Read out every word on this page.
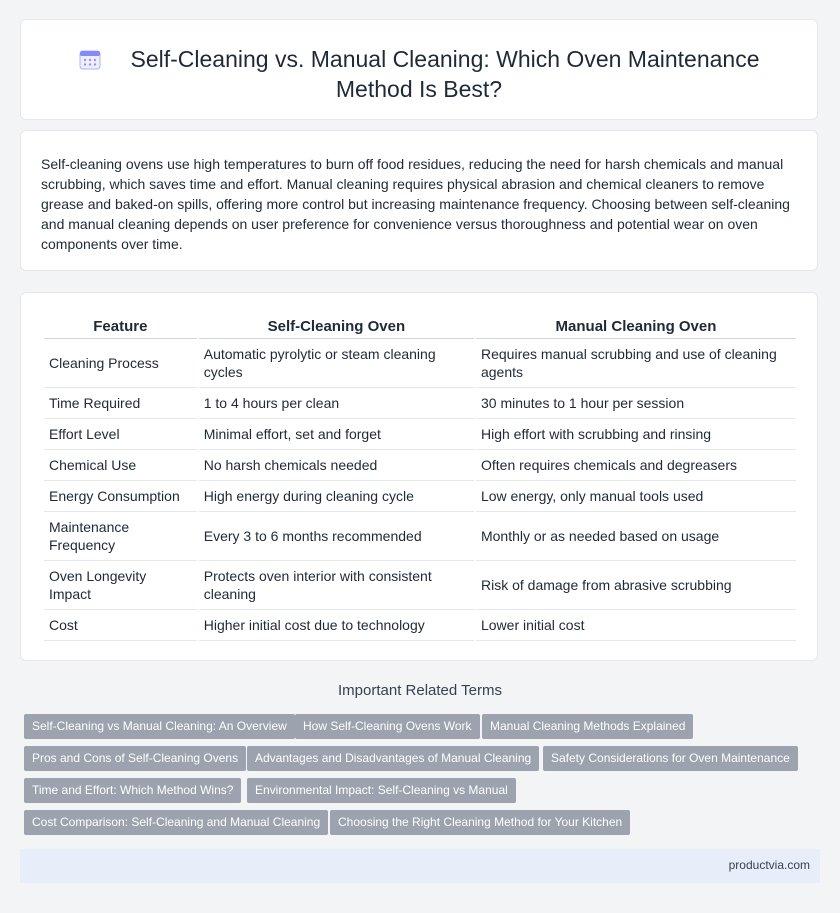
Self-Cleaning vs. Manual Cleaning: Which Oven Maintenance
Method Is Best?
Self-cleaning ovens use high temperatures to burn off food residues, reducing the need for harsh chemicals and manual scrubbing, which saves time and effort. Manual cleaning requires physical abrasion and chemical cleaners to remove grease and baked-on spills, offering more control but increasing maintenance frequency. Choosing between self-cleaning and manual cleaning depends on user preference for convenience versus thoroughness and potential wear on oven components over time.
Feature	Self-Cleaning Oven	Manual Cleaning Oven
Cleaning Process	Automatic pyrolytic or steam cleaning cycles	Requires manual scrubbing and use of cleaning agents
Time Required	1 to 4 hours per clean	30 minutes to 1 hour per session
Effort Level	Minimal effort, set and forget	High effort with scrubbing and rinsing
Chemical Use	No harsh chemicals needed	Often requires chemicals and degreasers
Energy Consumption	High energy during cleaning cycle	Low energy, only manual tools used
Maintenance Frequency	Every 3 to 6 months recommended	Monthly or as needed based on usage
Oven Longevity Impact	Protects oven interior with consistent cleaning	Risk of damage from abrasive scrubbing
Cost	Higher initial cost due to technology	Lower initial cost
Important Related Terms
Self-Cleaning vs Manual Cleaning: An Overview	How Self-Cleaning Ovens Work	Manual Cleaning Methods Explained
Pros and Cons of Self-Cleaning Ovens	Advantages and Disadvantages of Manual Cleaning	Safety Considerations for Oven Maintenance
Time and Effort: Which Method Wins?	Environmental Impact: Self-Cleaning vs Manual
Cost Comparison: Self-Cleaning and Manual Cleaning	Choosing the Right Cleaning Method for Your Kitchen
productvia.com
